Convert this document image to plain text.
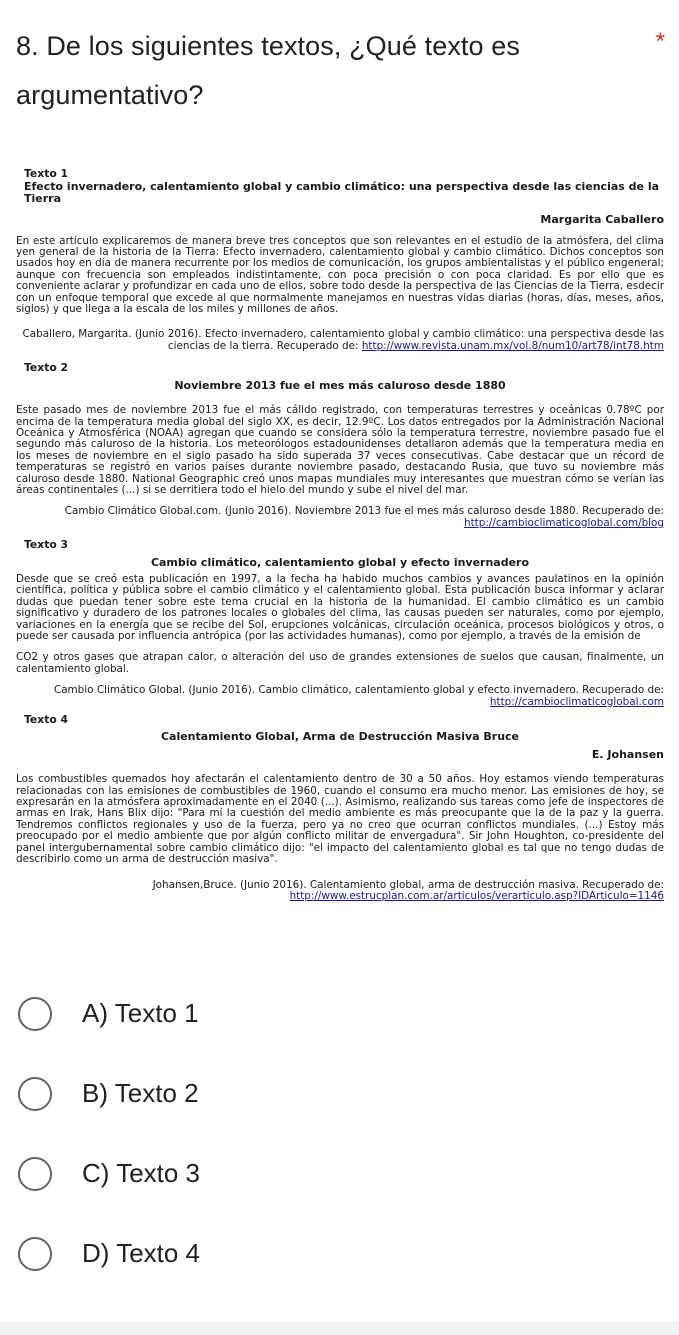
8. De los siguientes textos, ¿Qué texto es argumentativo?
*
Texto 1
Efecto invernadero, calentamiento global y cambio climático: una perspectiva desde las ciencias de la Tierra
Margarita Caballero
En este artículo explicaremos de manera breve tres conceptos que son relevantes en el estudio de la atmósfera, del clima yen general de la historia de la Tierra: Efecto invernadero, calentamiento global y cambio climático. Dichos conceptos son usados hoy en día de manera recurrente por los medios de comunicación, los grupos ambientalistas y el público engeneral; aunque con frecuencia son empleados indistintamente, con poca precisión o con poca claridad. Es por ello que es conveniente aclarar y profundizar en cada uno de ellos, sobre todo desde la perspectiva de las Ciencias de la Tierra, esdecir con un enfoque temporal que excede al que normalmente manejamos en nuestras vidas diarias (horas, días, meses, años, siglos) y que llega a la escala de los miles y millones de años.
Caballero, Margarita. (Junio 2016). Efecto invernadero, calentamiento global y cambio climático: una perspectiva desde las ciencias de la tierra. Recuperado de: http://www.revista.unam.mx/vol.8/num10/art78/int78.htm
Texto 2
Noviembre 2013 fue el mes más caluroso desde 1880
Este pasado mes de noviembre 2013 fue el más cálido registrado, con temperaturas terrestres y oceánicas 0.78ºC por encima de la temperatura media global del siglo XX, es decir, 12.9ºC. Los datos entregados por la Administración Nacional Oceánica y Atmosférica (NOAA) agregan que cuando se considera sólo la temperatura terrestre, noviembre pasado fue el segundo más caluroso de la historia. Los meteorólogos estadounidenses detallaron además que la temperatura media en los meses de noviembre en el siglo pasado ha sido superada 37 veces consecutivas. Cabe destacar que un récord de temperaturas se registró en varios países durante noviembre pasado, destacando Rusia, que tuvo su noviembre más caluroso desde 1880. National Geographic creó unos mapas mundiales muy interesantes que muestran cómo se verían las áreas continentales (...) si se derritiera todo el hielo del mundo y sube el nivel del mar.
Cambio Climático Global.com. (Junio 2016). Noviembre 2013 fue el mes más caluroso desde 1880. Recuperado de: http://cambioclimaticoglobal.com/blog
Texto 3
Cambio climático, calentamiento global y efecto invernadero
Desde que se creó esta publicación en 1997, a la fecha ha habido muchos cambios y avances paulatinos en la opinión científica, política y pública sobre el cambio climático y el calentamiento global. Esta publicación busca informar y aclarar dudas que puedan tener sobre este tema crucial en la historia de la humanidad. El cambio climático es un cambio significativo y duradero de los patrones locales o globales del clima, las causas pueden ser naturales, como por ejemplo, variaciones en la energía que se recibe del Sol, erupciones volcánicas, circulación oceánica, procesos biológicos y otros, o puede ser causada por influencia antrópica (por las actividades humanas), como por ejemplo, a través de la emisión de
CO2 y otros gases que atrapan calor, o alteración del uso de grandes extensiones de suelos que causan, finalmente, un calentamiento global.
Cambio Climático Global. (Junio 2016). Cambio climático, calentamiento global y efecto invernadero. Recuperado de: http://cambioclimaticoglobal.com
Texto 4
Calentamiento Global, Arma de Destrucción Masiva Bruce
E. Johansen
Los combustibles quemados hoy afectarán el calentamiento dentro de 30 a 50 años. Hoy estamos viendo temperaturas relacionadas con las emisiones de combustibles de 1960, cuando el consumo era mucho menor. Las emisiones de hoy, se expresarán en la atmósfera aproximadamente en el 2040 (...). Asimismo, realizando sus tareas como jefe de inspectores de armas en Irak, Hans Blix dijo: "Para mí la cuestión del medio ambiente es más preocupante que la de la paz y la guerra. Tendremos conflictos regionales y uso de la fuerza, pero ya no creo que ocurran conflictos mundiales. (...) Estoy más preocupado por el medio ambiente que por algún conflicto militar de envergadura". Sir John Houghton, co-presidente del panel intergubernamental sobre cambio climático dijo: "el impacto del calentamiento global es tal que no tengo dudas de describirlo como un arma de destrucción masiva".
Johansen,Bruce. (Junio 2016). Calentamiento global, arma de destrucción masiva. Recuperado de: http://www.estrucplan.com.ar/articulos/verarticulo.asp?IDArticulo=1146
A) Texto 1
B) Texto 2
C) Texto 3
D) Texto 4
